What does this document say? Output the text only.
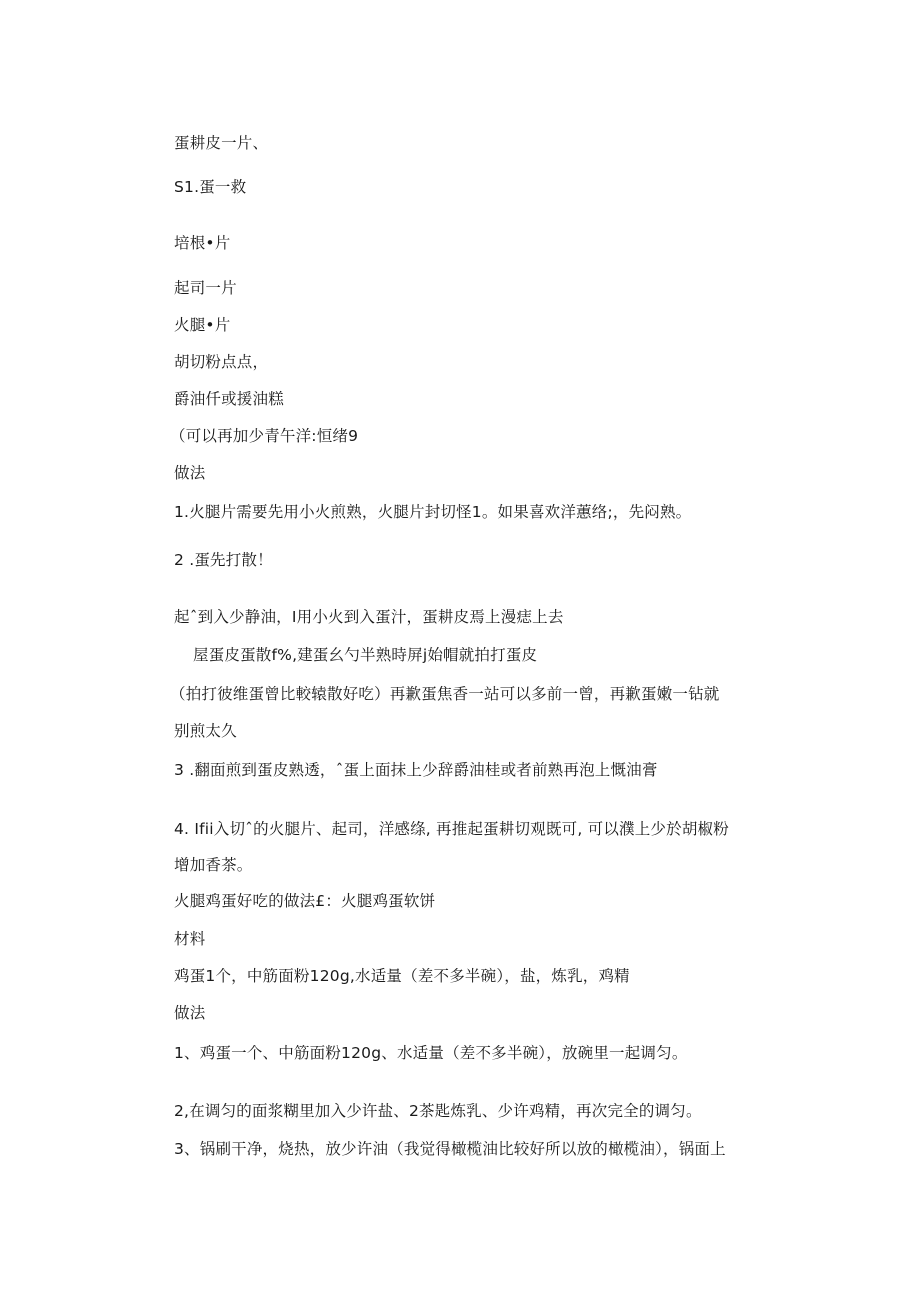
蛋耕皮一片、
S1.蛋一救
培根•片
起司一片
火腿•片
胡切粉点点，
爵油仟或援油糕
（可以再加少青午洋:恒绪9
做法
1.火腿片需要先用小火煎熟，火腿片封切怪1。如果喜欢洋蕙络;，先闷熟。
2 .蛋先打散！
起ˆ到入少静油，I用小火到入蛋汁，蛋耕皮焉上漫痣上去
屋蛋皮蛋散f%,建蛋幺勺半熟時屏j始帽就拍打蛋皮
（拍打彼维蛋曾比較辕散好吃）再歉蛋焦香一站可以多前一曾，再歉蛋嫩一钻就
别煎太久
3 .翻面煎到蛋皮熟透，ˆ蛋上面抹上少辞爵油桂或者前熟再泡上慨油膏
4. Ifii入切ˆ的火腿片、起司，洋感绦, 再推起蛋耕切观既可, 可以濮上少於胡椒粉
增加香茶。
火腿鸡蛋好吃的做法£：火腿鸡蛋软饼
材料
鸡蛋1个，中筋面粉120g,水适量（差不多半碗），盐，炼乳，鸡精
做法
1、鸡蛋一个、中筋面粉120g、水适量（差不多半碗），放碗里一起调匀。
2,在调匀的面浆糊里加入少许盐、2茶匙炼乳、少许鸡精，再次完全的调匀。
3、锅刷干净，烧热，放少许油（我觉得橄榄油比较好所以放的橄榄油），锅面上
